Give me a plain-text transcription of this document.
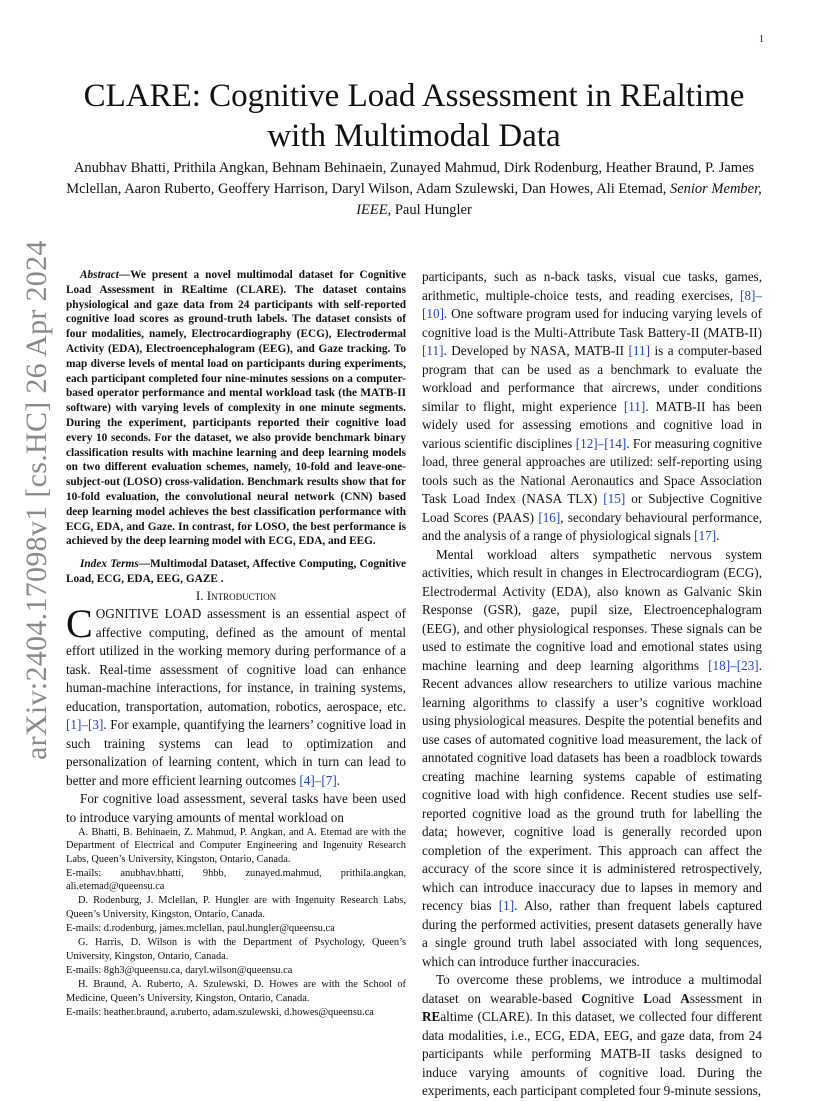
1
CLARE: Cognitive Load Assessment in REaltime with Multimodal Data
Anubhav Bhatti, Prithila Angkan, Behnam Behinaein, Zunayed Mahmud, Dirk Rodenburg, Heather Braund, P. James Mclellan, Aaron Ruberto, Geoffery Harrison, Daryl Wilson, Adam Szulewski, Dan Howes, Ali Etemad, Senior Member, IEEE, Paul Hungler
arXiv:2404.17098v1 [cs.HC] 26 Apr 2024	Abstract—We present a novel multimodal dataset for Cognitive Load Assessment in REaltime (CLARE). The dataset contains physiological and gaze data from 24 participants with self-reported cognitive load scores as ground-truth labels. The dataset consists of four modalities, namely, Electrocardiography (ECG), Electrodermal Activity (EDA), Electroencephalogram (EEG), and Gaze tracking. To map diverse levels of mental load on participants during experiments, each participant completed four nine-minutes sessions on a computer-based operator performance and mental workload task (the MATB-II software) with varying levels of complexity in one minute segments. During the experiment, participants reported their cognitive load every 10 seconds. For the dataset, we also provide benchmark binary classification results with machine learning and deep learning models on two different evaluation schemes, namely, 10-fold and leave-one-subject-out (LOSO) cross-validation. Benchmark results show that for 10-fold evaluation, the convolutional neural network (CNN) based deep learning model achieves the best classification performance with ECG, EDA, and Gaze. In contrast, for LOSO, the best performance is achieved by the deep learning model with ECG, EDA, and EEG.

Index Terms—Multimodal Dataset, Affective Computing, Cognitive Load, ECG, EDA, EEG, GAZE .

I. Introduction

COGNITIVE LOAD assessment is an essential aspect of affective computing, defined as the amount of mental effort utilized in the working memory during performance of a task. Real-time assessment of cognitive load can enhance human-machine interactions, for instance, in training systems, education, transportation, automation, robotics, aerospace, etc. [1]–[3]. For example, quantifying the learners’ cognitive load in such training systems can lead to optimization and personalization of learning content, which in turn can lead to better and more efficient learning outcomes [4]–[7].

For cognitive load assessment, several tasks have been used to introduce varying amounts of mental workload on

A. Bhatti, B. Behinaein, Z. Mahmud, P. Angkan, and A. Etemad are with the Department of Electrical and Computer Engineering and Ingenuity Research Labs, Queen’s University, Kingston, Ontario, Canada.

E-mails: anubhav.bhatti, 9hbb, zunayed.mahmud, prithila.angkan, ali.etemad@queensu.ca

D. Rodenburg, J. Mclellan, P. Hungler are with Ingenuity Research Labs, Queen’s University, Kingston, Ontario, Canada.

E-mails: d.rodenburg, james.mclellan, paul.hungler@queensu.ca

G. Harris, D. Wilson is with the Department of Psychology, Queen’s University, Kingston, Ontario, Canada.

E-mails: 8gh3@queensu.ca, daryl.wilson@queensu.ca

H. Braund, A. Ruberto, A. Szulewski, D. Howes are with the School of Medicine, Queen’s University, Kingston, Ontario, Canada.

E-mails: heather.braund, a.ruberto, adam.szulewski, d.howes@queensu.ca

participants, such as n-back tasks, visual cue tasks, games, arithmetic, multiple-choice tests, and reading exercises, [8]–[10]. One software program used for inducing varying levels of cognitive load is the Multi-Attribute Task Battery-II (MATB-II) [11]. Developed by NASA, MATB-II [11] is a computer-based program that can be used as a benchmark to evaluate the workload and performance that aircrews, under conditions similar to flight, might experience [11]. MATB-II has been widely used for assessing emotions and cognitive load in various scientific disciplines [12]–[14]. For measuring cognitive load, three general approaches are utilized: self-reporting using tools such as the National Aeronautics and Space Association Task Load Index (NASA TLX) [15] or Subjective Cognitive Load Scores (PAAS) [16], secondary behavioural performance, and the analysis of a range of physiological signals [17].

Mental workload alters sympathetic nervous system activities, which result in changes in Electrocardiogram (ECG), Electrodermal Activity (EDA), also known as Galvanic Skin Response (GSR), gaze, pupil size, Electroencephalogram (EEG), and other physiological responses. These signals can be used to estimate the cognitive load and emotional states using machine learning and deep learning algorithms [18]–[23]. Recent advances allow researchers to utilize various machine learning algorithms to classify a user’s cognitive workload using physiological measures. Despite the potential benefits and use cases of automated cognitive load measurement, the lack of annotated cognitive load datasets has been a roadblock towards creating machine learning systems capable of estimating cognitive load with high confidence. Recent studies use self-reported cognitive load as the ground truth for labelling the data; however, cognitive load is generally recorded upon completion of the experiment. This approach can affect the accuracy of the score since it is administered retrospectively, which can introduce inaccuracy due to lapses in memory and recency bias [1]. Also, rather than frequent labels captured during the performed activities, present datasets generally have a single ground truth label associated with long sequences, which can introduce further inaccuracies.

To overcome these problems, we introduce a multimodal dataset on wearable-based Cognitive Load Assessment in REaltime (CLARE). In this dataset, we collected four different data modalities, i.e., ECG, EDA, EEG, and gaze data, from 24 participants while performing MATB-II tasks designed to induce varying amounts of cognitive load. During the experiments, each participant completed four 9-minute sessions,
